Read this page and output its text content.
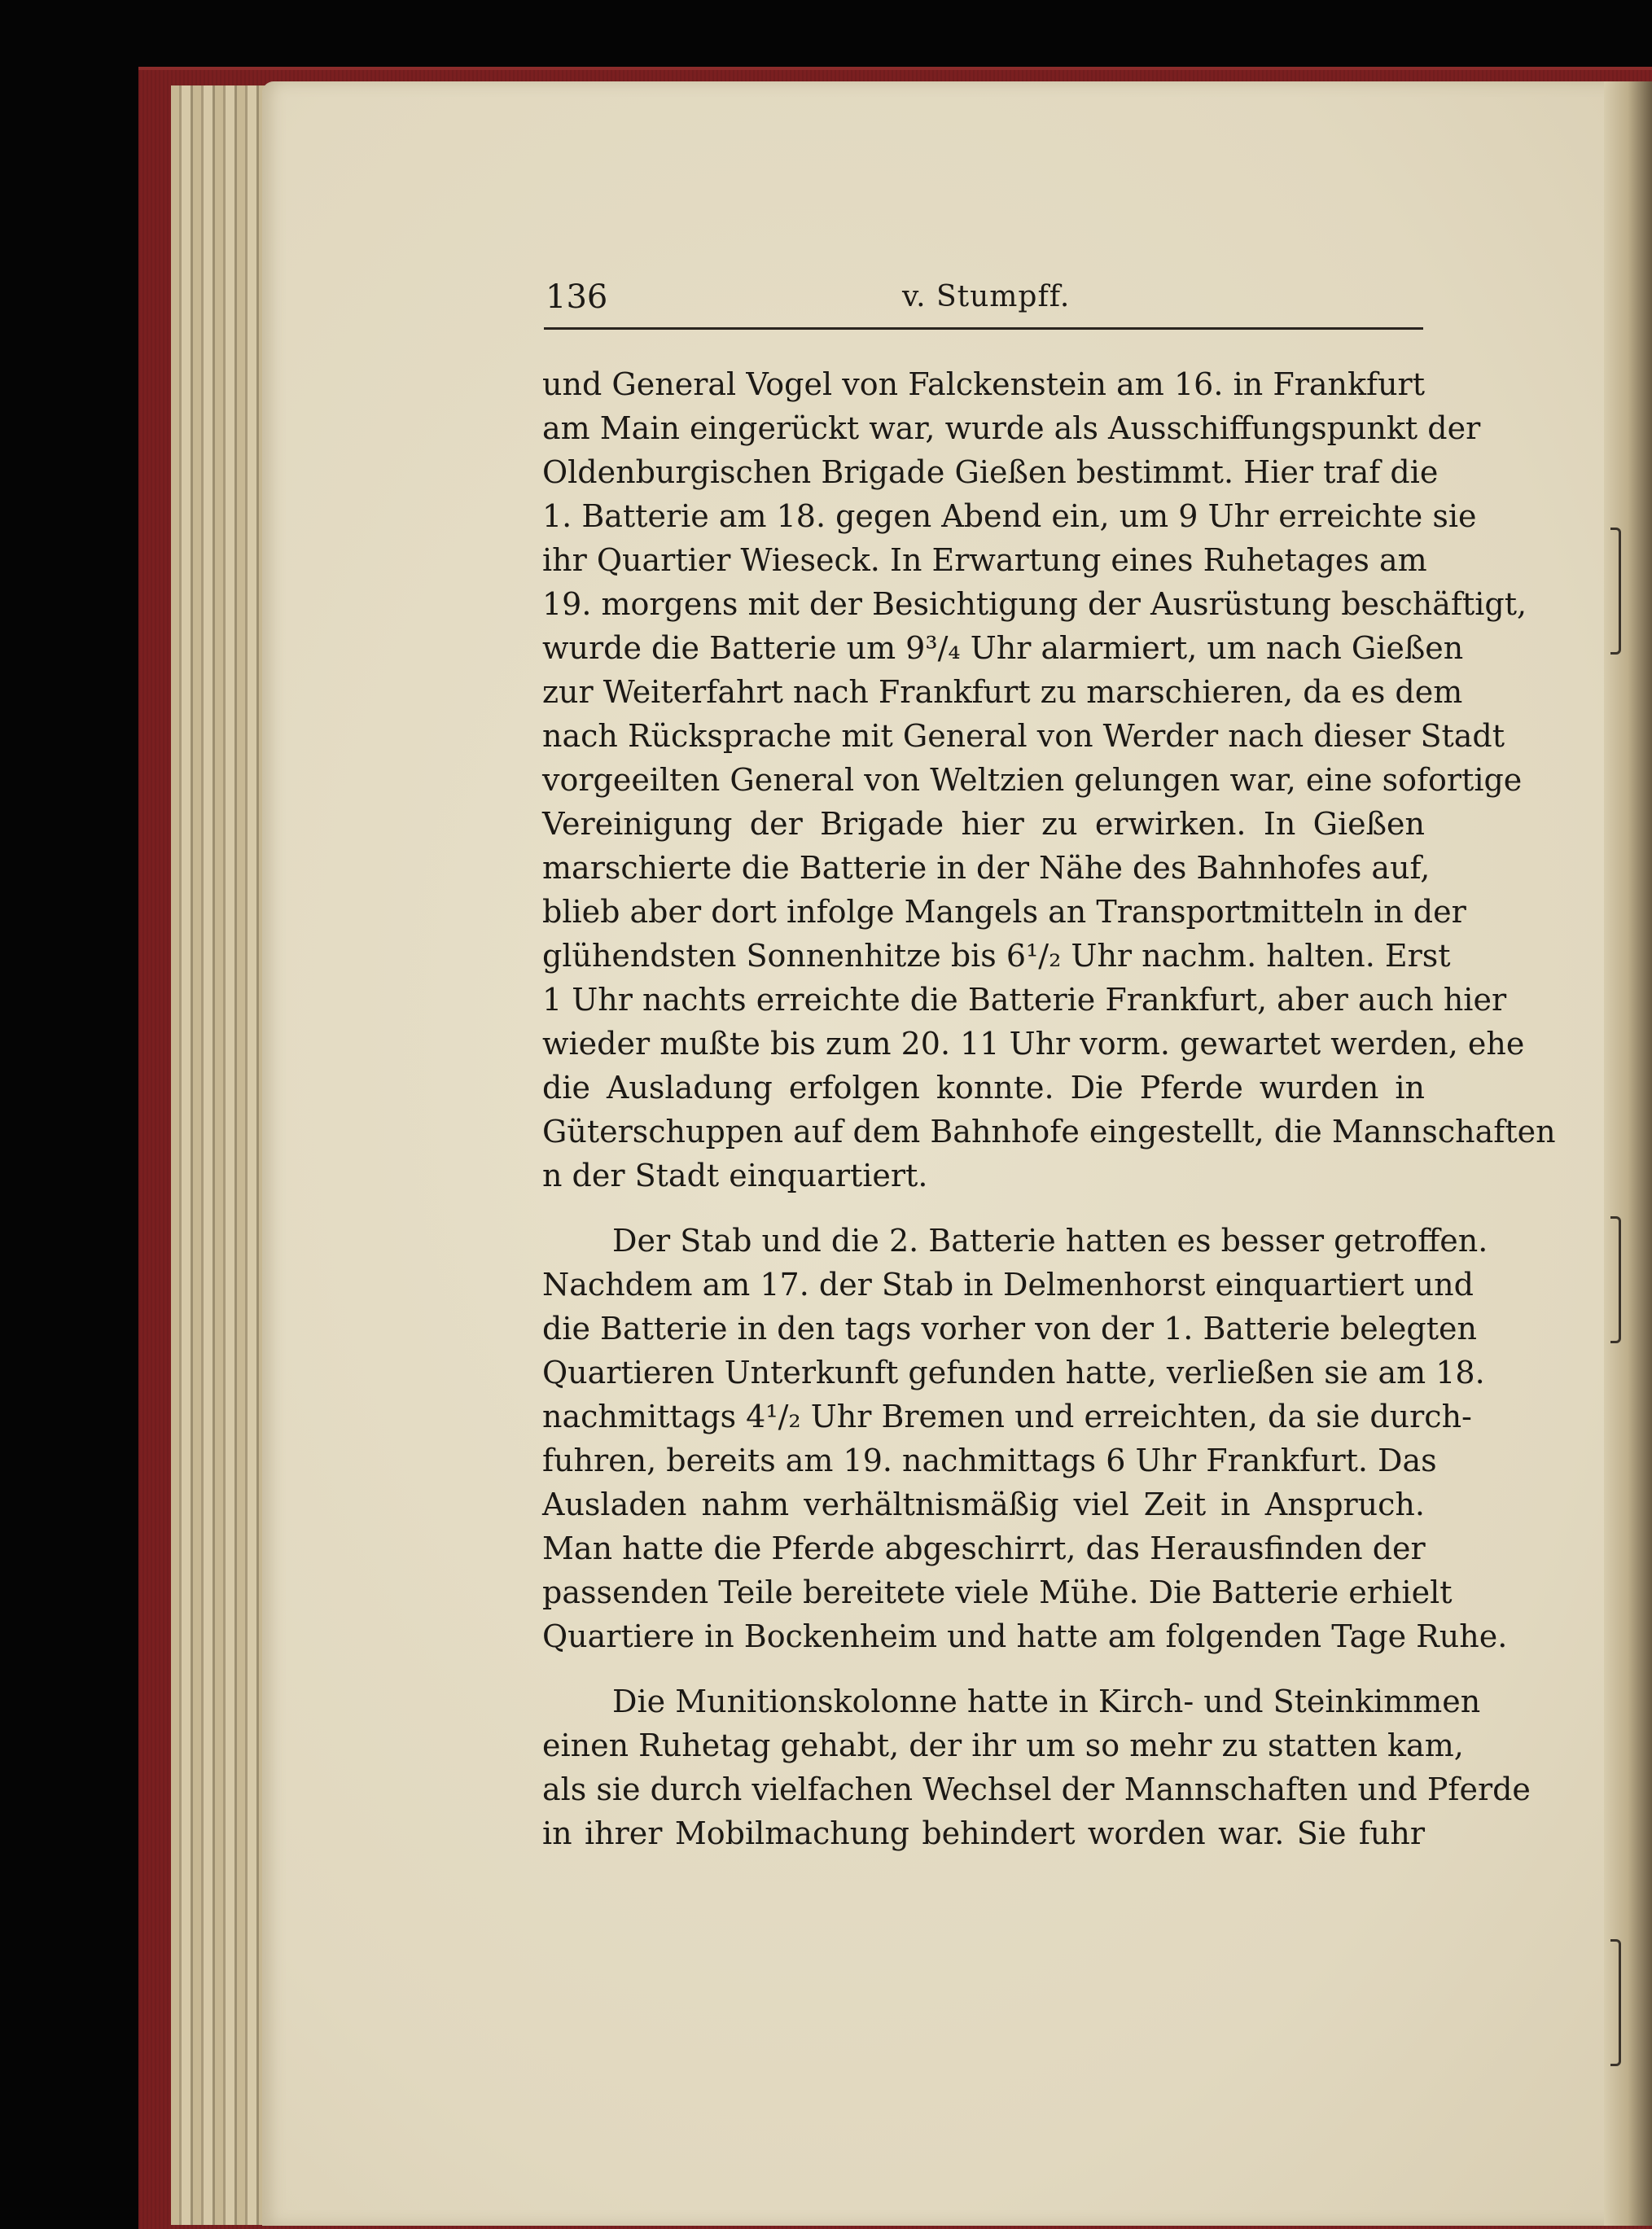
136	v. Stumpff.
und General Vogel von Falckenstein am 16. in Frankfurt
am Main eingerückt war, wurde als Ausschiffungspunkt der
Oldenburgischen Brigade Gießen bestimmt. Hier traf die
1. Batterie am 18. gegen Abend ein, um 9 Uhr erreichte sie
ihr Quartier Wieseck. In Erwartung eines Ruhetages am
19. morgens mit der Besichtigung der Ausrüstung beschäftigt,
wurde die Batterie um 9³/₄ Uhr alarmiert, um nach Gießen
zur Weiterfahrt nach Frankfurt zu marschieren, da es dem
nach Rücksprache mit General von Werder nach dieser Stadt
vorgeeilten General von Weltzien gelungen war, eine sofortige
Vereinigung der Brigade hier zu erwirken. In Gießen
marschierte die Batterie in der Nähe des Bahnhofes auf,
blieb aber dort infolge Mangels an Transportmitteln in der
glühendsten Sonnenhitze bis 6¹/₂ Uhr nachm. halten. Erst
1 Uhr nachts erreichte die Batterie Frankfurt, aber auch hier
wieder mußte bis zum 20. 11 Uhr vorm. gewartet werden, ehe
die Ausladung erfolgen konnte. Die Pferde wurden in
Güterschuppen auf dem Bahnhofe eingestellt, die Mannschaften
n der Stadt einquartiert.
Der Stab und die 2. Batterie hatten es besser getroffen.
Nachdem am 17. der Stab in Delmenhorst einquartiert und
die Batterie in den tags vorher von der 1. Batterie belegten
Quartieren Unterkunft gefunden hatte, verließen sie am 18.
nachmittags 4¹/₂ Uhr Bremen und erreichten, da sie durch-
fuhren, bereits am 19. nachmittags 6 Uhr Frankfurt. Das
Ausladen nahm verhältnismäßig viel Zeit in Anspruch.
Man hatte die Pferde abgeschirrt, das Herausfinden der
passenden Teile bereitete viele Mühe. Die Batterie erhielt
Quartiere in Bockenheim und hatte am folgenden Tage Ruhe.
Die Munitionskolonne hatte in Kirch- und Steinkimmen
einen Ruhetag gehabt, der ihr um so mehr zu statten kam,
als sie durch vielfachen Wechsel der Mannschaften und Pferde
in ihrer Mobilmachung behindert worden war. Sie fuhr
